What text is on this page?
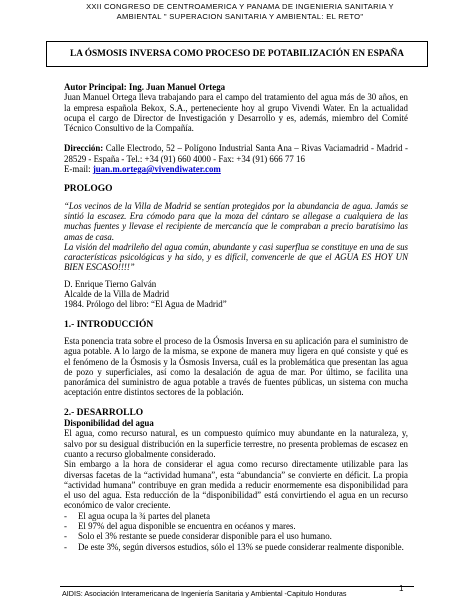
XXII CONGRESO DE CENTROAMERICA Y PANAMA DE INGENIERIA SANITARIA Y
AMBIENTAL " SUPERACION SANITARIA Y AMBIENTAL: EL RETO"
LA ÓSMOSIS INVERSA COMO PROCESO DE POTABILIZACIÓN EN ESPAÑA

Autor Principal: Ing. Juan Manuel Ortega

Juan Manuel Ortega lleva trabajando para el campo del tratamiento del agua más de 30 años, en la empresa española Bekox, S.A., perteneciente hoy al grupo Vivendi Water. En la actualidad ocupa el cargo de Director de Investigación y Desarrollo y es, además, miembro del Comité Técnico Consultivo de la Compañía.

Dirección: Calle Electrodo, 52 – Polígono Industrial Santa Ana – Rivas Vaciamadrid - Madrid - 28529 - España - Tel.: +34 (91) 660 4000 - Fax: +34 (91) 666 77 16

E-mail: juan.m.ortega@vivendiwater.com

PROLOGO

“Los vecinos de la Villa de Madrid se sentían protegidos por la abundancia de agua. Jamás se sintió la escasez. Era cómodo para que la moza del cántaro se allegase a cualquiera de las muchas fuentes y llevase el recipiente de mercancía que le compraban a precio baratísimo las amas de casa.

La visión del madrileño del agua común, abundante y casi superflua se constituye en una de sus características psicológicas y ha sido, y es difícil, convencerle de que el AGUA ES HOY UN BIEN ESCASO!!!!”

D. Enrique Tierno Galván

Alcalde de la Villa de Madrid

1984. Prólogo del libro: “El Agua de Madrid”

1.- INTRODUCCIÓN

Esta ponencia trata sobre el proceso de la Ósmosis Inversa en su aplicación para el suministro de agua potable. A lo largo de la misma, se expone de manera muy ligera en qué consiste y qué es el fenómeno de la Ósmosis y la Ósmosis Inversa, cuál es la problemática que presentan las agua de pozo y superficiales, así como la desalación de agua de mar. Por último, se facilita una panorámica del suministro de agua potable a través de fuentes públicas, un sistema con mucha aceptación entre distintos sectores de la población.

2.- DESARROLLO

Disponibilidad del agua

El agua, como recurso natural, es un compuesto químico muy abundante en la naturaleza, y, salvo por su desigual distribución en la superficie terrestre, no presenta problemas de escasez en cuanto a recurso globalmente considerado.

Sin embargo a la hora de considerar el agua como recurso directamente utilizable para las diversas facetas de la “actividad humana”, esta “abundancia” se convierte en déficit. La propia “actividad humana” contribuye en gran medida a reducir enormemente esa disponibilidad para el uso del agua. Esta reducción de la “disponibilidad” está convirtiendo el agua en un recurso económico de valor creciente.

-	El agua ocupa la ¾ partes del planeta
-	El 97% del agua disponible se encuentra en océanos y mares.
-	Solo el 3% restante se puede considerar disponible para el uso humano.
-	De este 3%, según diversos estudios, sólo el 13% se puede considerar realmente disponible.
AIDIS: Asociación Interamericana de Ingeniería Sanitaria y Ambiental -Capitulo Honduras
1
